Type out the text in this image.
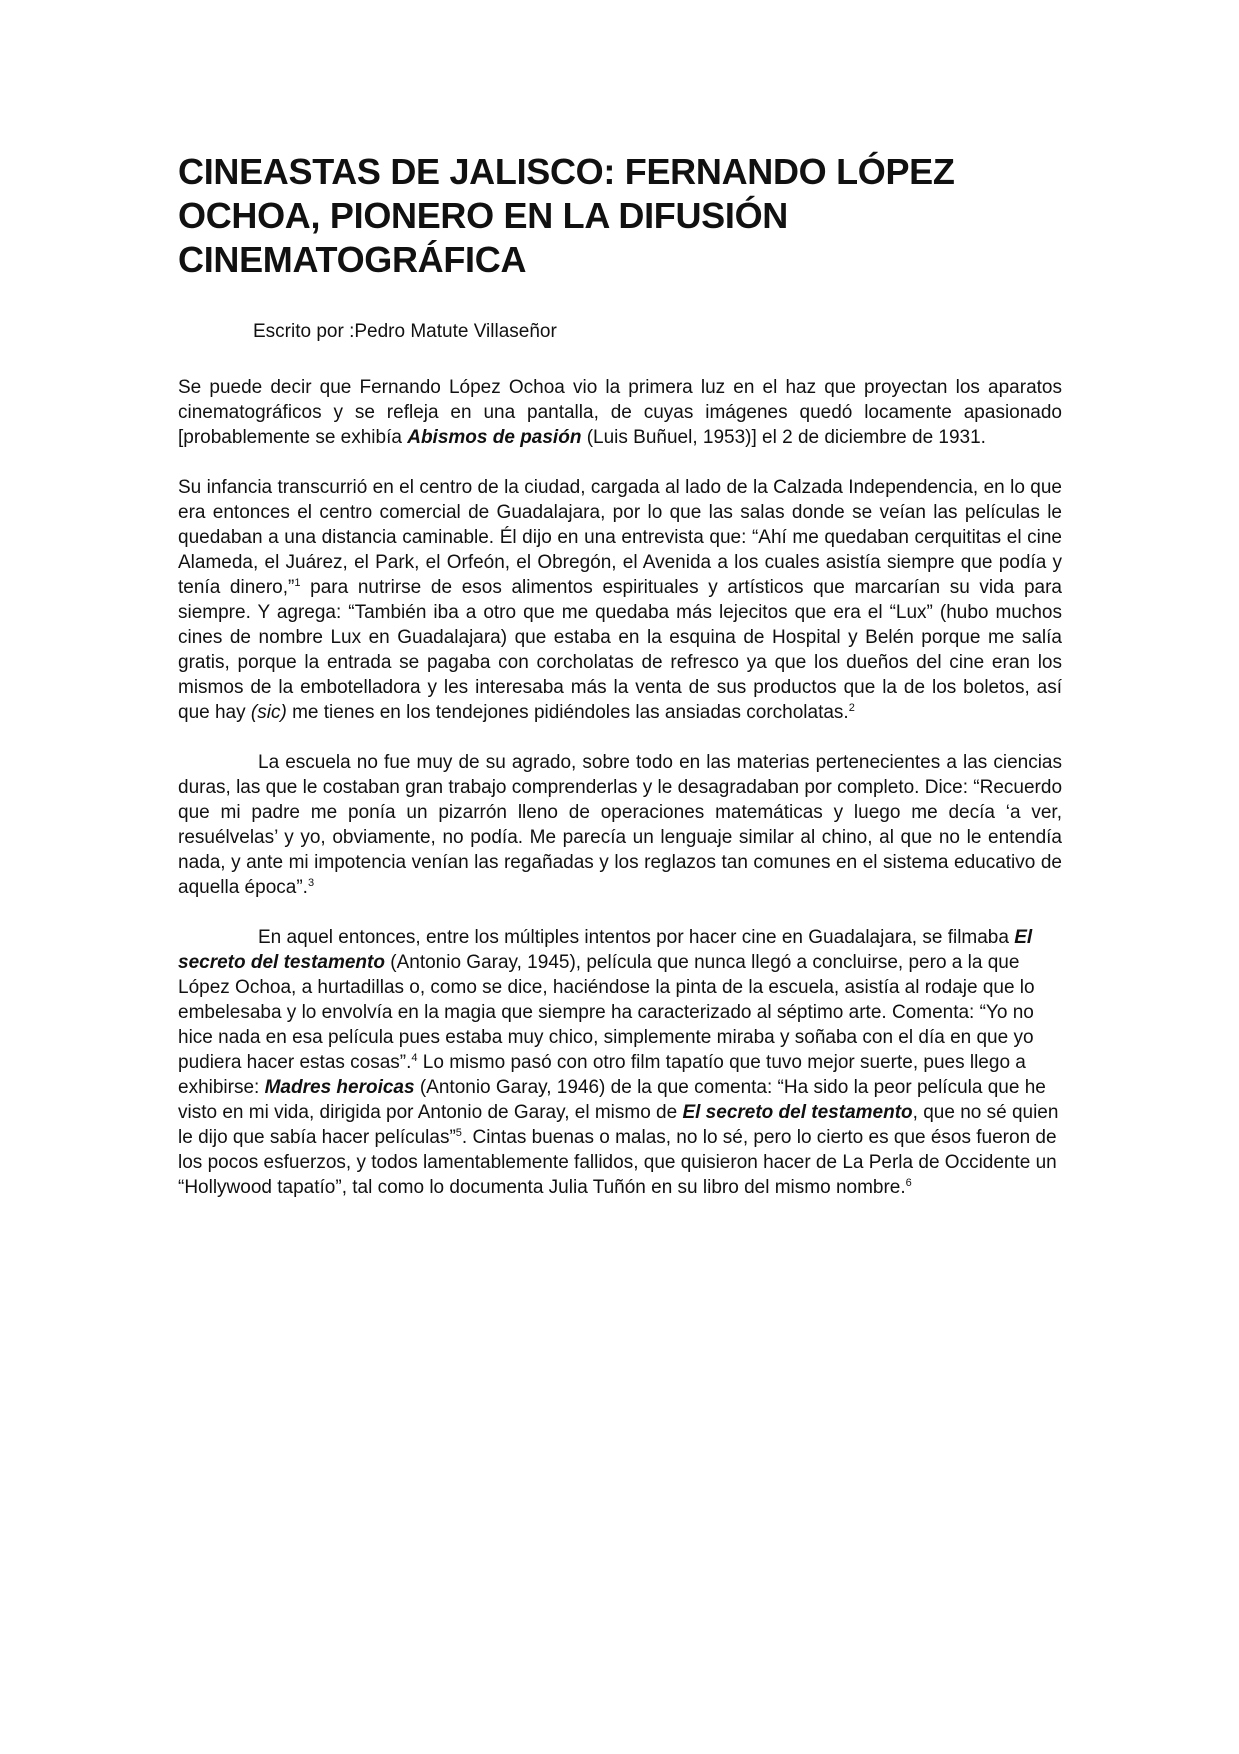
CINEASTAS DE JALISCO: FERNANDO LÓPEZ OCHOA, PIONERO EN LA DIFUSIÓN CINEMATOGRÁFICA
Escrito por :Pedro Matute Villaseñor

Se puede decir que Fernando López Ochoa vio la primera luz en el haz que proyectan los aparatos cinematográficos y se refleja en una pantalla, de cuyas imágenes quedó locamente apasionado [probablemente se exhibía Abismos de pasión (Luis Buñuel, 1953)] el 2 de diciembre de 1931.

Su infancia transcurrió en el centro de la ciudad, cargada al lado de la Calzada Independencia, en lo que era entonces el centro comercial de Guadalajara, por lo que las salas donde se veían las películas le quedaban a una distancia caminable. Él dijo en una entrevista que: “Ahí me quedaban cerquititas el cine Alameda, el Juárez, el Park, el Orfeón, el Obregón, el Avenida a los cuales asistía siempre que podía y tenía dinero,”$^1$ para nutrirse de esos alimentos espirituales y artísticos que marcarían su vida para siempre. Y agrega: “También iba a otro que me quedaba más lejecitos que era el “Lux” (hubo muchos cines de nombre Lux en Guadalajara) que estaba en la esquina de Hospital y Belén porque me salía gratis, porque la entrada se pagaba con corcholatas de refresco ya que los dueños del cine eran los mismos de la embotelladora y les interesaba más la venta de sus productos que la de los boletos, así que hay (sic) me tienes en los tendejones pidiéndoles las ansiadas corcholatas.$^2$

La escuela no fue muy de su agrado, sobre todo en las materias pertenecientes a las ciencias duras, las que le costaban gran trabajo comprenderlas y le desagradaban por completo. Dice: “Recuerdo que mi padre me ponía un pizarrón lleno de operaciones matemáticas y luego me decía ‘a ver, resuélvelas’ y yo, obviamente, no podía. Me parecía un lenguaje similar al chino, al que no le entendía nada, y ante mi impotencia venían las regañadas y los reglazos tan comunes en el sistema educativo de aquella época”.$^3$

En aquel entonces, entre los múltiples intentos por hacer cine en Guadalajara, se filmaba El secreto del testamento (Antonio Garay, 1945), película que nunca llegó a concluirse, pero a la que López Ochoa, a hurtadillas o, como se dice, haciéndose la pinta de la escuela, asistía al rodaje que lo embelesaba y lo envolvía en la magia que siempre ha caracterizado al séptimo arte. Comenta: “Yo no hice nada en esa película pues estaba muy chico, simplemente miraba y soñaba con el día en que yo pudiera hacer estas cosas”.$^4$ Lo mismo pasó con otro film tapatío que tuvo mejor suerte, pues llego a exhibirse: Madres heroicas (Antonio Garay, 1946) de la que comenta: “Ha sido la peor película que he visto en mi vida, dirigida por Antonio de Garay, el mismo de El secreto del testamento, que no sé quien le dijo que sabía hacer películas”$^5$. Cintas buenas o malas, no lo sé, pero lo cierto es que ésos fueron de los pocos esfuerzos, y todos lamentablemente fallidos, que quisieron hacer de La Perla de Occidente un “Hollywood tapatío”, tal como lo documenta Julia Tuñón en su libro del mismo nombre.$^6$
